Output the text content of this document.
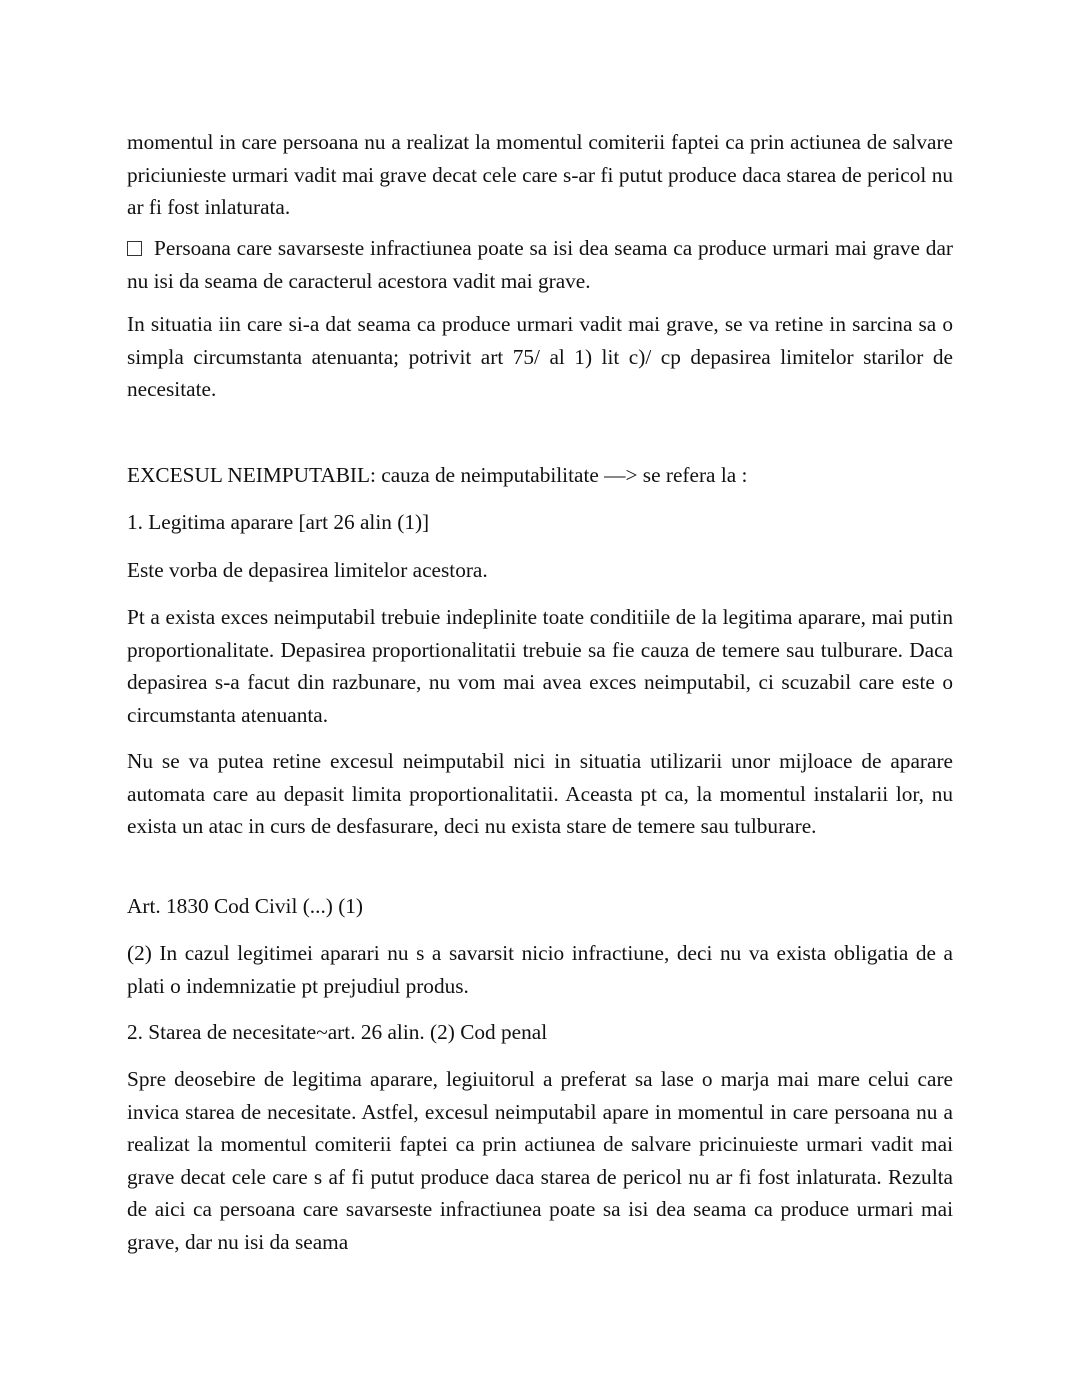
momentul in care persoana nu a realizat la momentul comiterii faptei ca prin actiunea de salvare priciunieste urmari vadit mai grave decat cele care s-ar fi putut produce daca starea de pericol nu ar fi fost inlaturata.

Persoana care savarseste infractiunea poate sa isi dea seama ca produce urmari mai grave dar nu isi da seama de caracterul acestora vadit mai grave.

In situatia iin care si-a dat seama ca produce urmari vadit mai grave, se va retine in sarcina sa o simpla circumstanta atenuanta; potrivit art 75/ al 1) lit c)/ cp depasirea limitelor starilor de necesitate.

EXCESUL NEIMPUTABIL: cauza de neimputabilitate —> se refera la :

1. Legitima aparare [art 26 alin (1)]

Este vorba de depasirea limitelor acestora.

Pt a exista exces neimputabil trebuie indeplinite toate conditiile de la legitima aparare, mai putin proportionalitate. Depasirea proportionalitatii trebuie sa fie cauza de temere sau tulburare. Daca depasirea s-a facut din razbunare, nu vom mai avea exces neimputabil, ci scuzabil care este o circumstanta atenuanta.

Nu se va putea retine excesul neimputabil nici in situatia utilizarii unor mijloace de aparare automata care au depasit limita proportionalitatii. Aceasta pt ca, la momentul instalarii lor, nu exista un atac in curs de desfasurare, deci nu exista stare de temere sau tulburare.

Art. 1830 Cod Civil (...) (1)

(2) In cazul legitimei aparari nu s a savarsit nicio infractiune, deci nu va exista obligatia de a plati o indemnizatie pt prejudiul produs.

2. Starea de necesitate~art. 26 alin. (2) Cod penal

Spre deosebire de legitima aparare, legiuitorul a preferat sa lase o marja mai mare celui care invica starea de necesitate. Astfel, excesul neimputabil apare in momentul in care persoana nu a realizat la momentul comiterii faptei ca prin actiunea de salvare pricinuieste urmari vadit mai grave decat cele care s af fi putut produce daca starea de pericol nu ar fi fost inlaturata. Rezulta de aici ca persoana care savarseste infractiunea poate sa isi dea seama ca produce urmari mai grave, dar nu isi da seama
